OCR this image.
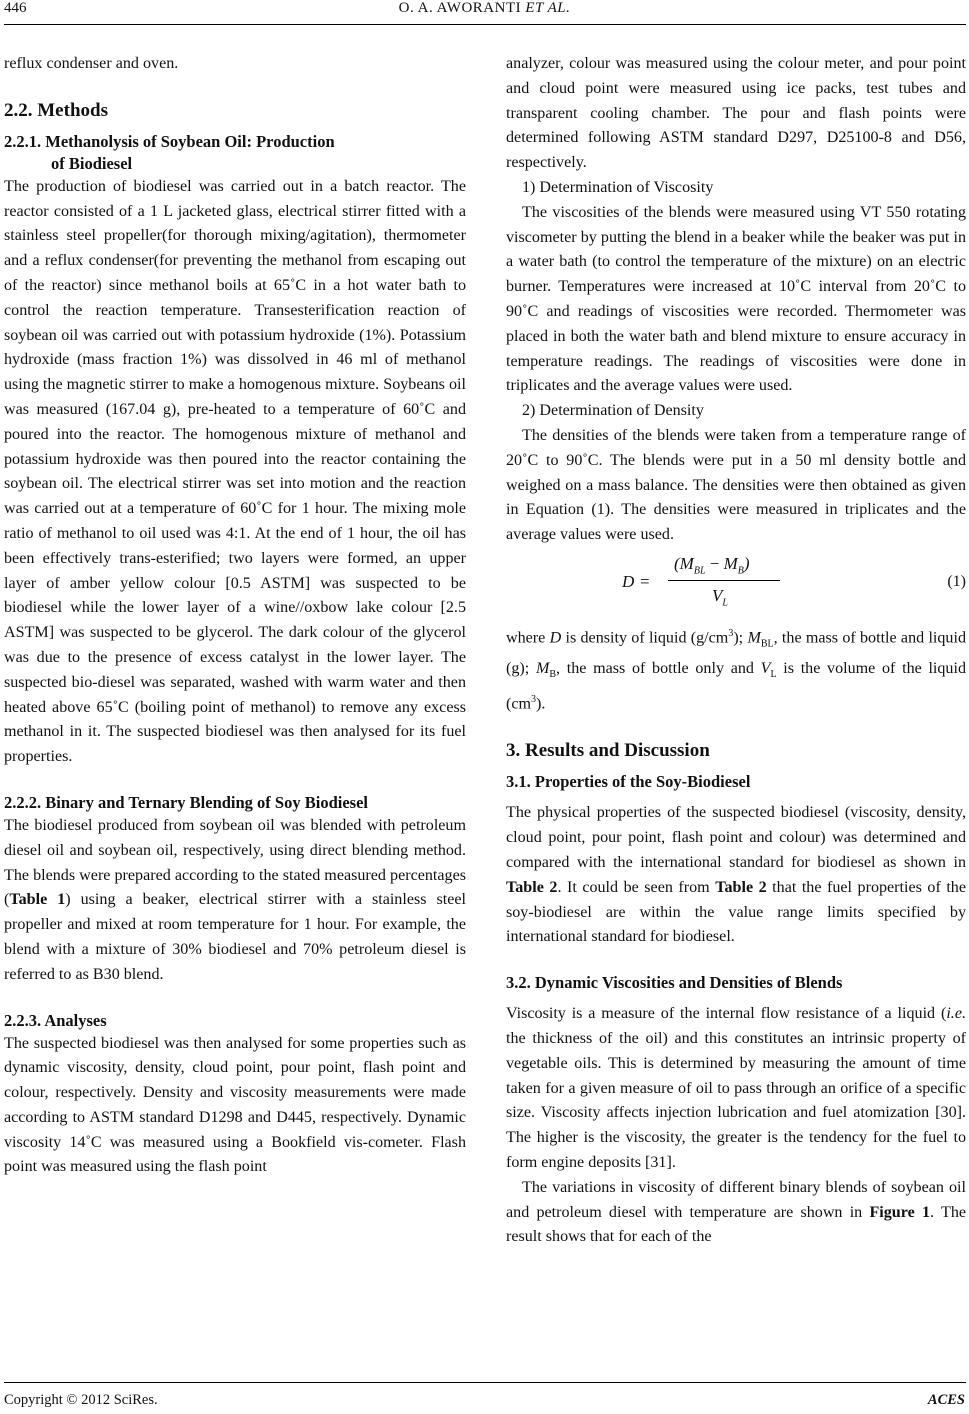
446	O. A. AWORANTI ET AL.

reflux condenser and oven.

2.2. Methods

2.2.1. Methanolysis of Soybean Oil: Production
of Biodiesel

The production of biodiesel was carried out in a batch reactor. The reactor consisted of a 1 L jacketed glass, electrical stirrer fitted with a stainless steel propeller(for thorough mixing/agitation), thermometer and a reflux condenser(for preventing the methanol from escaping out of the reactor) since methanol boils at 65˚C in a hot water bath to control the reaction temperature. Transesterification reaction of soybean oil was carried out with potassium hydroxide (1%). Potassium hydroxide (mass fraction 1%) was dissolved in 46 ml of methanol using the magnetic stirrer to make a homogenous mixture. Soybeans oil was measured (167.04 g), pre-heated to a temperature of 60˚C and poured into the reactor. The homogenous mixture of methanol and potassium hydroxide was then poured into the reactor containing the soybean oil. The electrical stirrer was set into motion and the reaction was carried out at a temperature of 60˚C for 1 hour. The mixing mole ratio of methanol to oil used was 4:1. At the end of 1 hour, the oil has been effectively trans-esterified; two layers were formed, an upper layer of amber yellow colour [0.5 ASTM] was suspected to be biodiesel while the lower layer of a wine//oxbow lake colour [2.5 ASTM] was suspected to be glycerol. The dark colour of the glycerol was due to the presence of excess catalyst in the lower layer. The suspected bio-diesel was separated, washed with warm water and then heated above 65˚C (boiling point of methanol) to remove any excess methanol in it. The suspected biodiesel was then analysed for its fuel properties.

2.2.2. Binary and Ternary Blending of Soy Biodiesel

The biodiesel produced from soybean oil was blended with petroleum diesel oil and soybean oil, respectively, using direct blending method. The blends were prepared according to the stated measured percentages (Table 1) using a beaker, electrical stirrer with a stainless steel propeller and mixed at room temperature for 1 hour. For example, the blend with a mixture of 30% biodiesel and 70% petroleum diesel is referred to as B30 blend.

2.2.3. Analyses

The suspected biodiesel was then analysed for some properties such as dynamic viscosity, density, cloud point, pour point, flash point and colour, respectively. Density and viscosity measurements were made according to ASTM standard D1298 and D445, respectively. Dynamic viscosity 14˚C was measured using a Bookfield vis-cometer. Flash point was measured using the flash point

analyzer, colour was measured using the colour meter, and pour point and cloud point were measured using ice packs, test tubes and transparent cooling chamber. The pour and flash points were determined following ASTM standard D297, D25100-8 and D56, respectively.

1) Determination of Viscosity

The viscosities of the blends were measured using VT 550 rotating viscometer by putting the blend in a beaker while the beaker was put in a water bath (to control the temperature of the mixture) on an electric burner. Temperatures were increased at 10˚C interval from 20˚C to 90˚C and readings of viscosities were recorded. Thermometer was placed in both the water bath and blend mixture to ensure accuracy in temperature readings. The readings of viscosities were done in triplicates and the average values were used.

2) Determination of Density

The densities of the blends were taken from a temperature range of 20˚C to 90˚C. The blends were put in a 50 ml density bottle and weighed on a mass balance. The densities were then obtained as given in Equation (1). The densities were measured in triplicates and the average values were used.

D =
$(M_{BL} - M_B)$
$V_L$
(1)

where D is density of liquid $(g/cm^3)$; $M_{BL}$, the mass of bottle and liquid (g); $M_B$, the mass of bottle only and $V_L$ is the volume of the liquid $(cm^3)$.

3. Results and Discussion

3.1. Properties of the Soy-Biodiesel

The physical properties of the suspected biodiesel (viscosity, density, cloud point, pour point, flash point and colour) was determined and compared with the international standard for biodiesel as shown in Table 2. It could be seen from Table 2 that the fuel properties of the soy-biodiesel are within the value range limits specified by international standard for biodiesel.

3.2. Dynamic Viscosities and Densities of Blends

Viscosity is a measure of the internal flow resistance of a liquid (i.e. the thickness of the oil) and this constitutes an intrinsic property of vegetable oils. This is determined by measuring the amount of time taken for a given measure of oil to pass through an orifice of a specific size. Viscosity affects injection lubrication and fuel atomization [30]. The higher is the viscosity, the greater is the tendency for the fuel to form engine deposits [31].

The variations in viscosity of different binary blends of soybean oil and petroleum diesel with temperature are shown in Figure 1. The result shows that for each of the

Copyright © 2012 SciRes.	ACES
